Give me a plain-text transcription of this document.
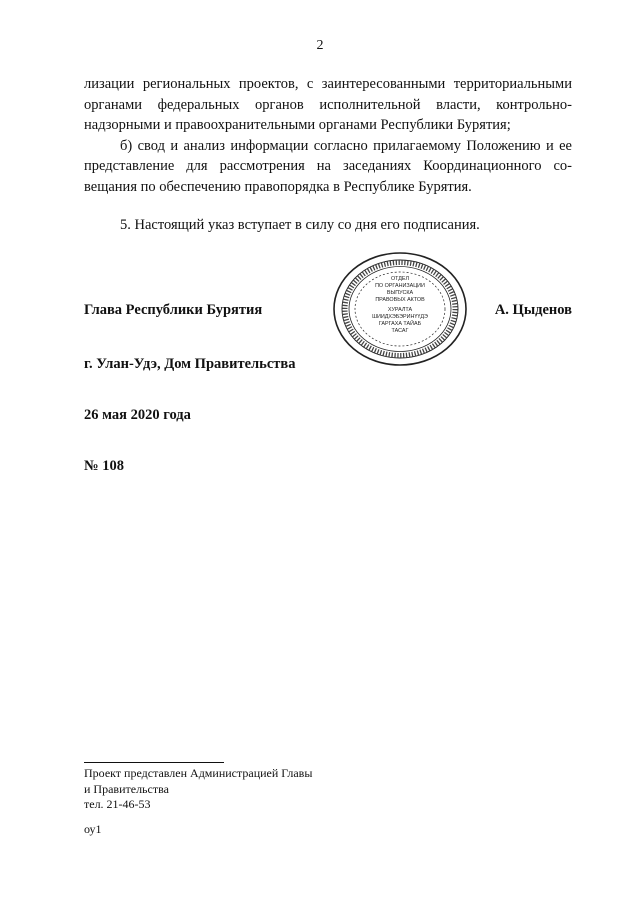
2

лизации региональных проектов, с заинтересованными территориальными органами федеральных органов исполнительной власти, контрольно-надзорными и правоохранительными органами Республики Бурятия;

б) свод и анализ информации согласно прилагаемому Положению и ее представление для рассмотрения на заседаниях Координационного со-вещания по обеспечению правопорядка в Республике Бурятия.

5. Настоящий указ вступает в силу со дня его подписания.

Глава Республики Бурятия	А. Цыденов
ОТДЕЛ
ПО ОРГАНИЗАЦИИ
ВЫПУСКА
ПРАВОВЫХ АКТОВ
ХУРАЛТА
ШИИДХЭБЭРИНҮҮДЭ
ГАРГАХА ТАЙАБ
ТАСАГ
г. Улан-Удэ, Дом Правительства
26 мая 2020 года
№ 108
Проект представлен Администрацией Главы
и Правительства
тел. 21-46-53
оу1
